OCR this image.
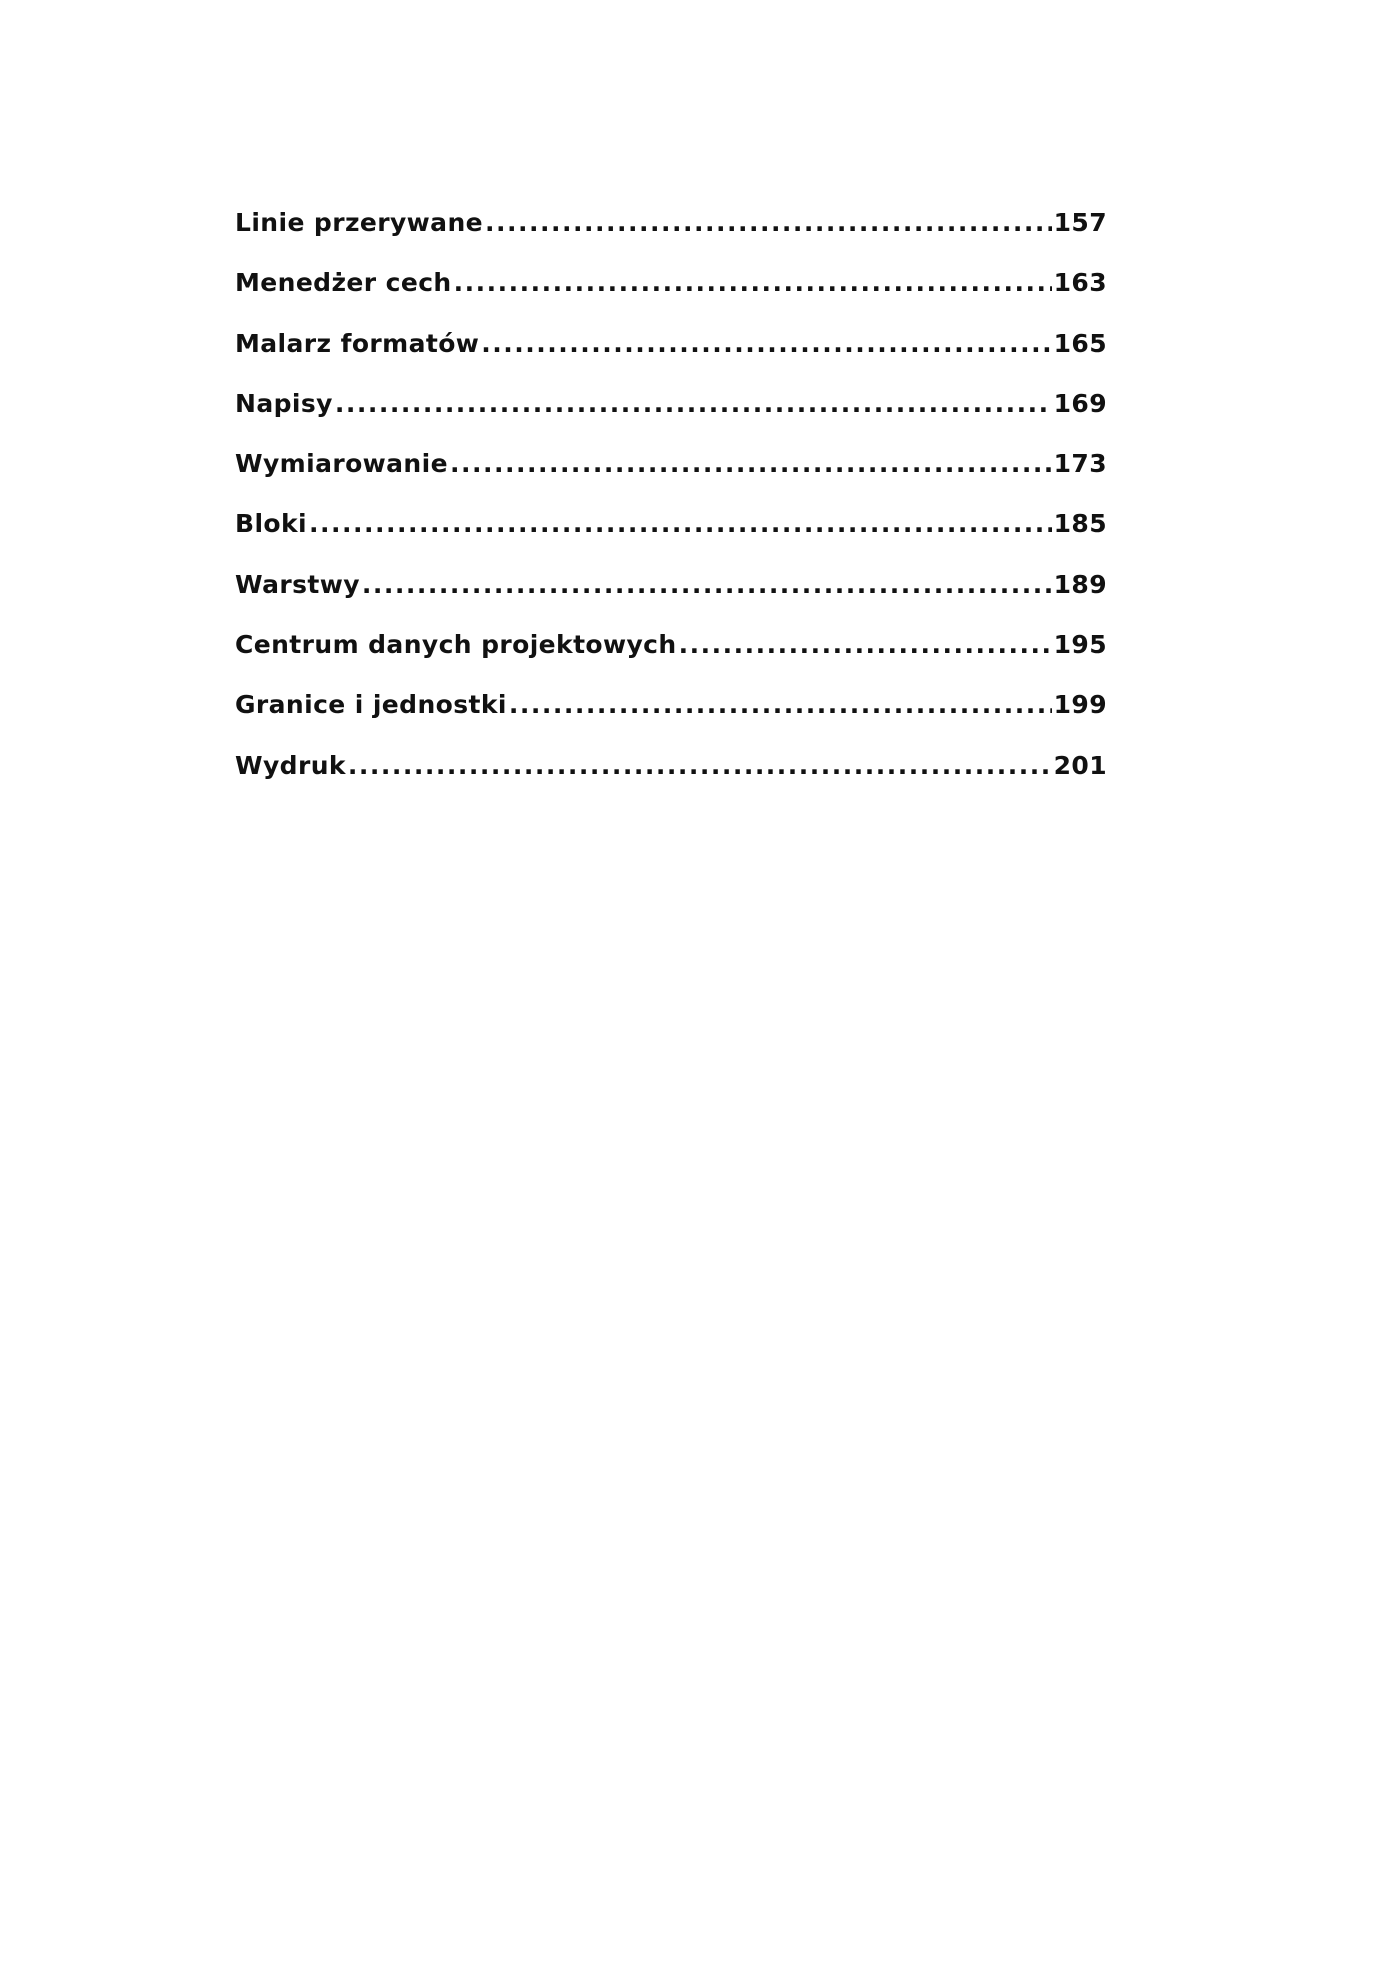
Linie przerywane .....	157
Menedżer cech .....	163
Malarz formatów .....	165
Napisy .....	169
Wymiarowanie .....	173
Bloki .....	185
Warstwy .....	189
Centrum danych projektowych .....	195
Granice i jednostki .....	199
Wydruk .....	201
